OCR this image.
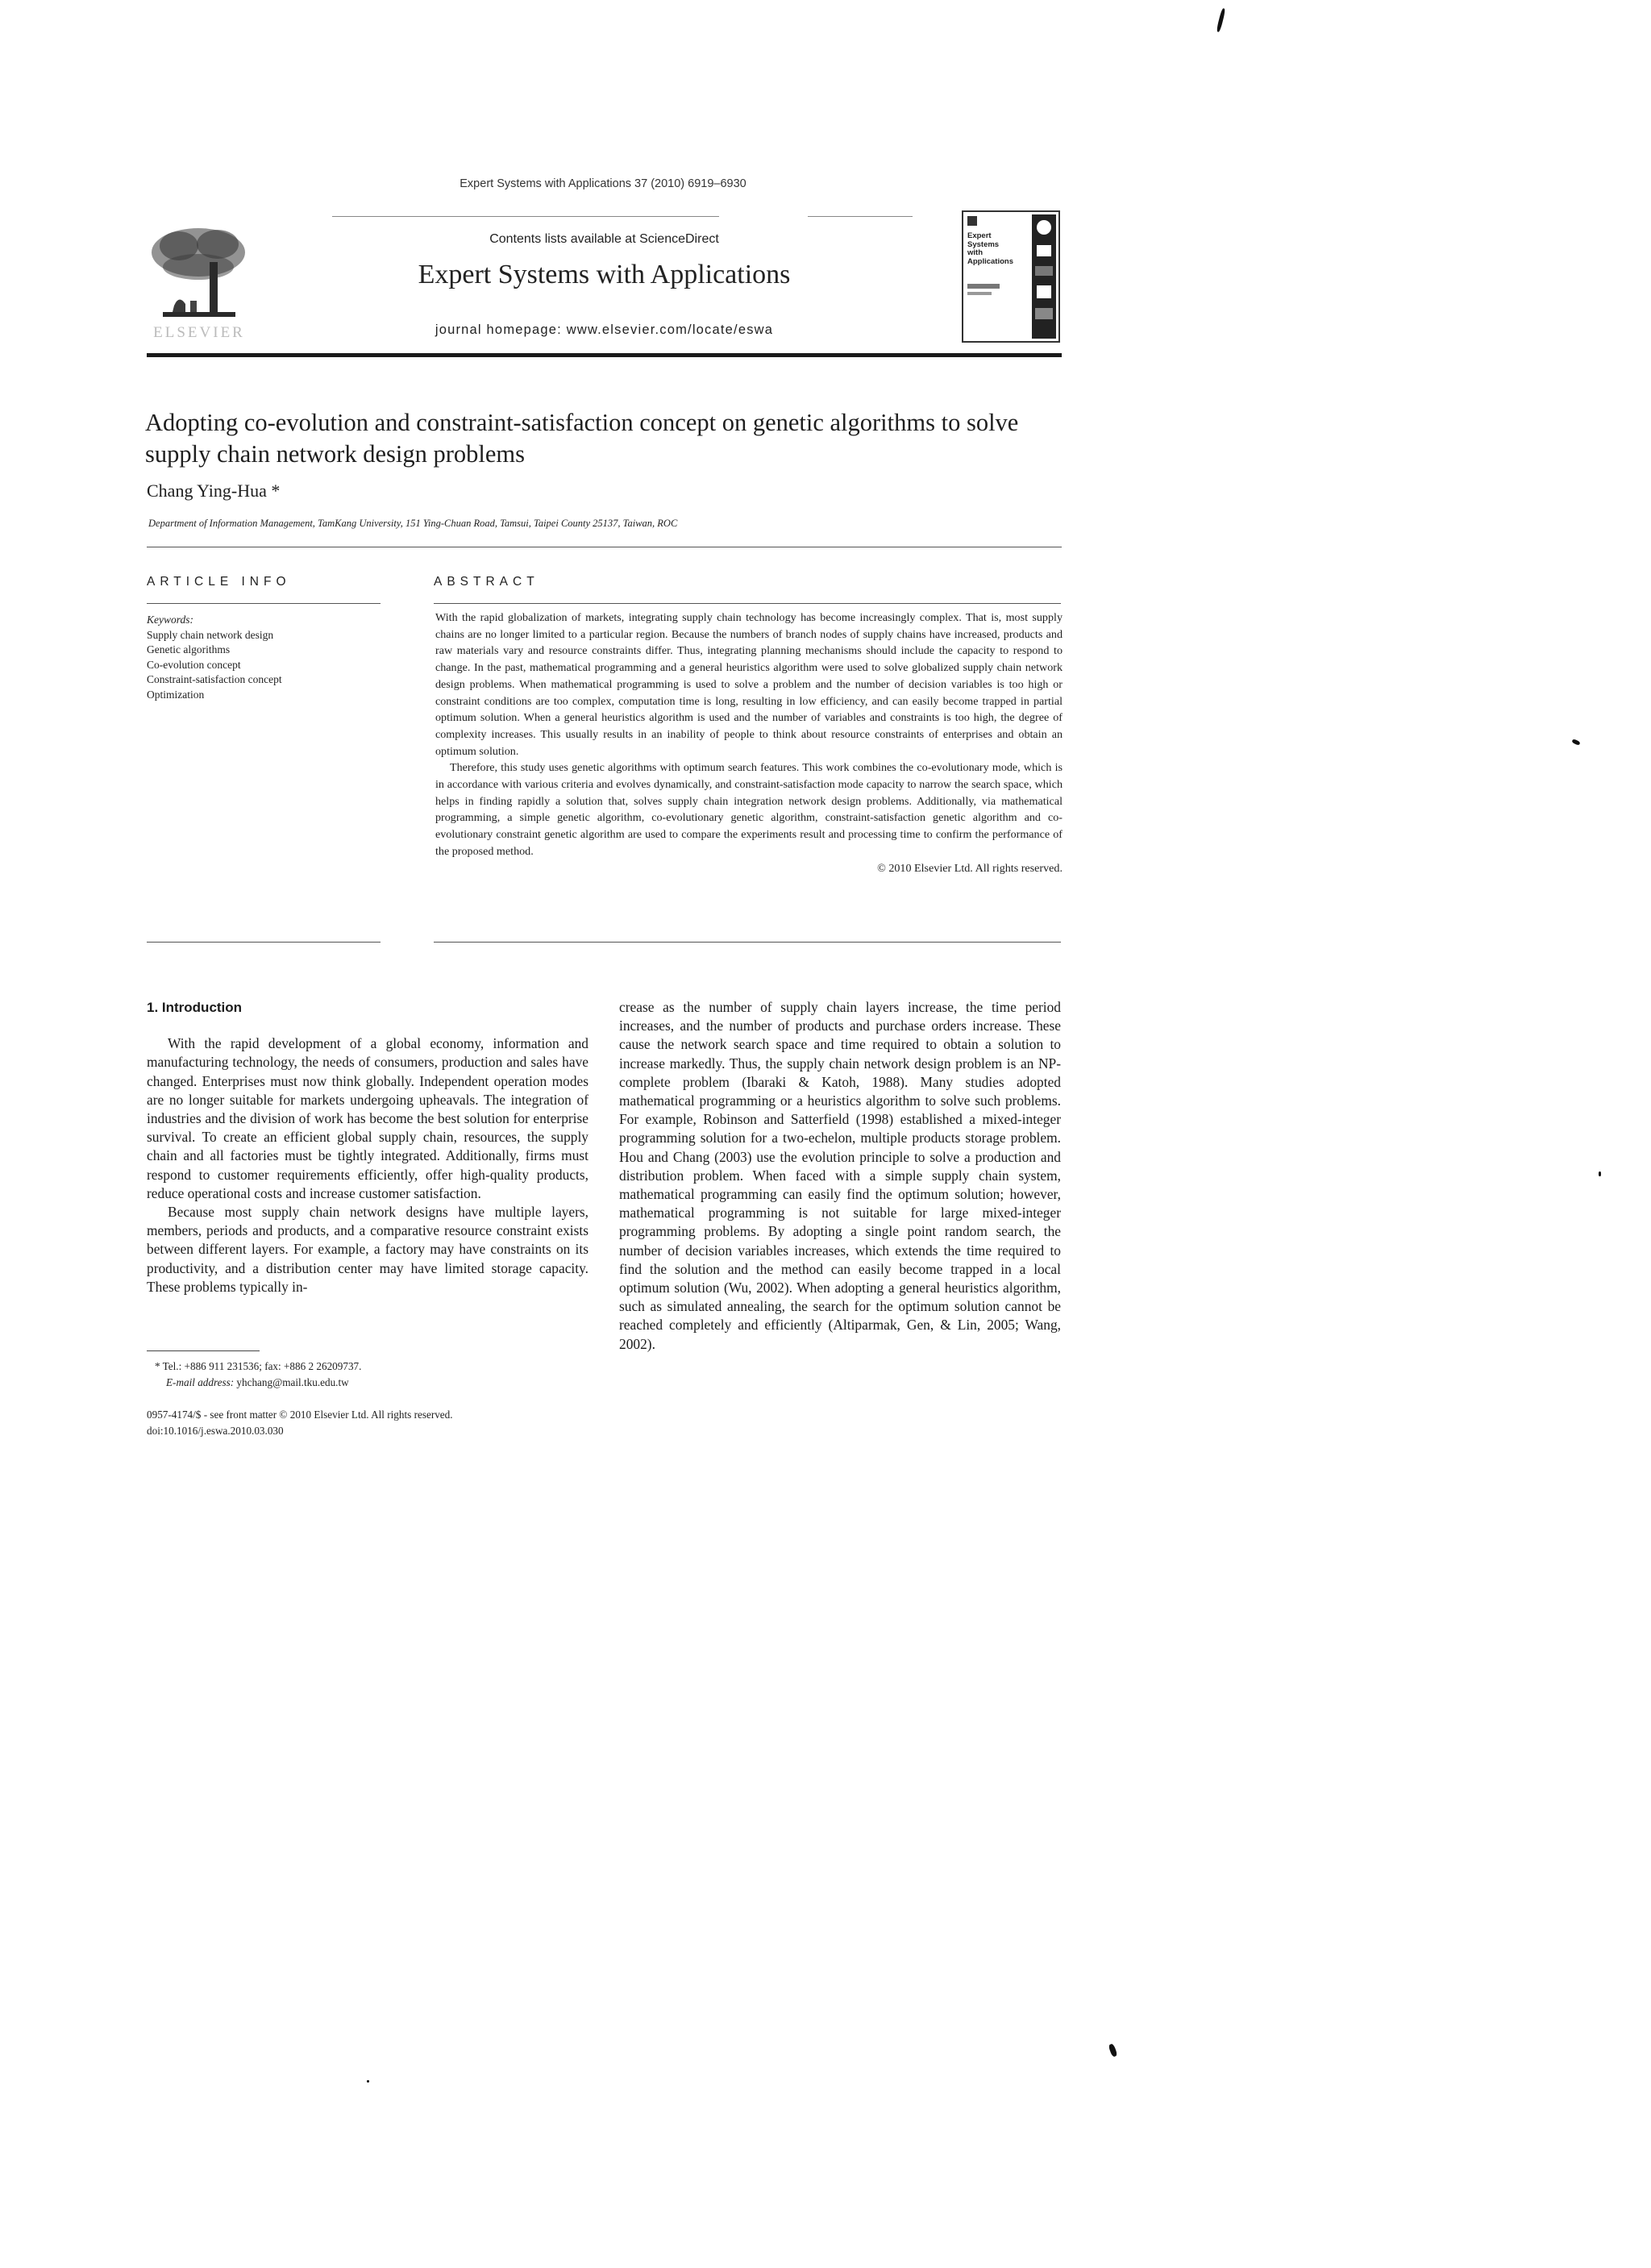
Expert Systems with Applications 37 (2010) 6919–6930
Contents lists available at ScienceDirect
Expert Systems with Applications
journal homepage: www.elsevier.com/locate/eswa
ELSEVIER
Expert
Systems
with
Applications
Adopting co-evolution and constraint-satisfaction concept on genetic algorithms to solve supply chain network design problems
Chang Ying-Hua *
Department of Information Management, TamKang University, 151 Ying-Chuan Road, Tamsui, Taipei County 25137, Taiwan, ROC
ARTICLE INFO
Keywords:
Supply chain network design
Genetic algorithms
Co-evolution concept
Constraint-satisfaction concept
Optimization
ABSTRACT

With the rapid globalization of markets, integrating supply chain technology has become increasingly complex. That is, most supply chains are no longer limited to a particular region. Because the numbers of branch nodes of supply chains have increased, products and raw materials vary and resource constraints differ. Thus, integrating planning mechanisms should include the capacity to respond to change. In the past, mathematical programming and a general heuristics algorithm were used to solve globalized supply chain network design problems. When mathematical programming is used to solve a problem and the number of decision variables is too high or constraint conditions are too complex, computation time is long, resulting in low efficiency, and can easily become trapped in partial optimum solution. When a general heuristics algorithm is used and the number of variables and constraints is too high, the degree of complexity increases. This usually results in an inability of people to think about resource constraints of enterprises and obtain an optimum solution.

Therefore, this study uses genetic algorithms with optimum search features. This work combines the co-evolutionary mode, which is in accordance with various criteria and evolves dynamically, and constraint-satisfaction mode capacity to narrow the search space, which helps in finding rapidly a solution that, solves supply chain integration network design problems. Additionally, via mathematical programming, a simple genetic algorithm, co-evolutionary genetic algorithm, constraint-satisfaction genetic algorithm and co-evolutionary constraint genetic algorithm are used to compare the experiments result and processing time to confirm the performance of the proposed method.

© 2010 Elsevier Ltd. All rights reserved.

1. Introduction

With the rapid development of a global economy, information and manufacturing technology, the needs of consumers, production and sales have changed. Enterprises must now think globally. Independent operation modes are no longer suitable for markets undergoing upheavals. The integration of industries and the division of work has become the best solution for enterprise survival. To create an efficient global supply chain, resources, the supply chain and all factories must be tightly integrated. Additionally, firms must respond to customer requirements efficiently, offer high-quality products, reduce operational costs and increase customer satisfaction.

Because most supply chain network designs have multiple layers, members, periods and products, and a comparative resource constraint exists between different layers. For example, a factory may have constraints on its productivity, and a distribution center may have limited storage capacity. These problems typically in-

crease as the number of supply chain layers increase, the time period increases, and the number of products and purchase orders increase. These cause the network search space and time required to obtain a solution to increase markedly. Thus, the supply chain network design problem is an NP-complete problem (Ibaraki & Katoh, 1988). Many studies adopted mathematical programming or a heuristics algorithm to solve such problems. For example, Robinson and Satterfield (1998) established a mixed-integer programming solution for a two-echelon, multiple products storage problem. Hou and Chang (2003) use the evolution principle to solve a production and distribution problem. When faced with a simple supply chain system, mathematical programming can easily find the optimum solution; however, mathematical programming is not suitable for large mixed-integer programming problems. By adopting a single point random search, the number of decision variables increases, which extends the time required to find the solution and the method can easily become trapped in a local optimum solution (Wu, 2002). When adopting a general heuristics algorithm, such as simulated annealing, the search for the optimum solution cannot be reached completely and efficiently (Altiparmak, Gen, & Lin, 2005; Wang, 2002).

* Tel.: +886 911 231536; fax: +886 2 26209737.
E-mail address: yhchang@mail.tku.edu.tw
0957-4174/$ - see front matter © 2010 Elsevier Ltd. All rights reserved.
doi:10.1016/j.eswa.2010.03.030
